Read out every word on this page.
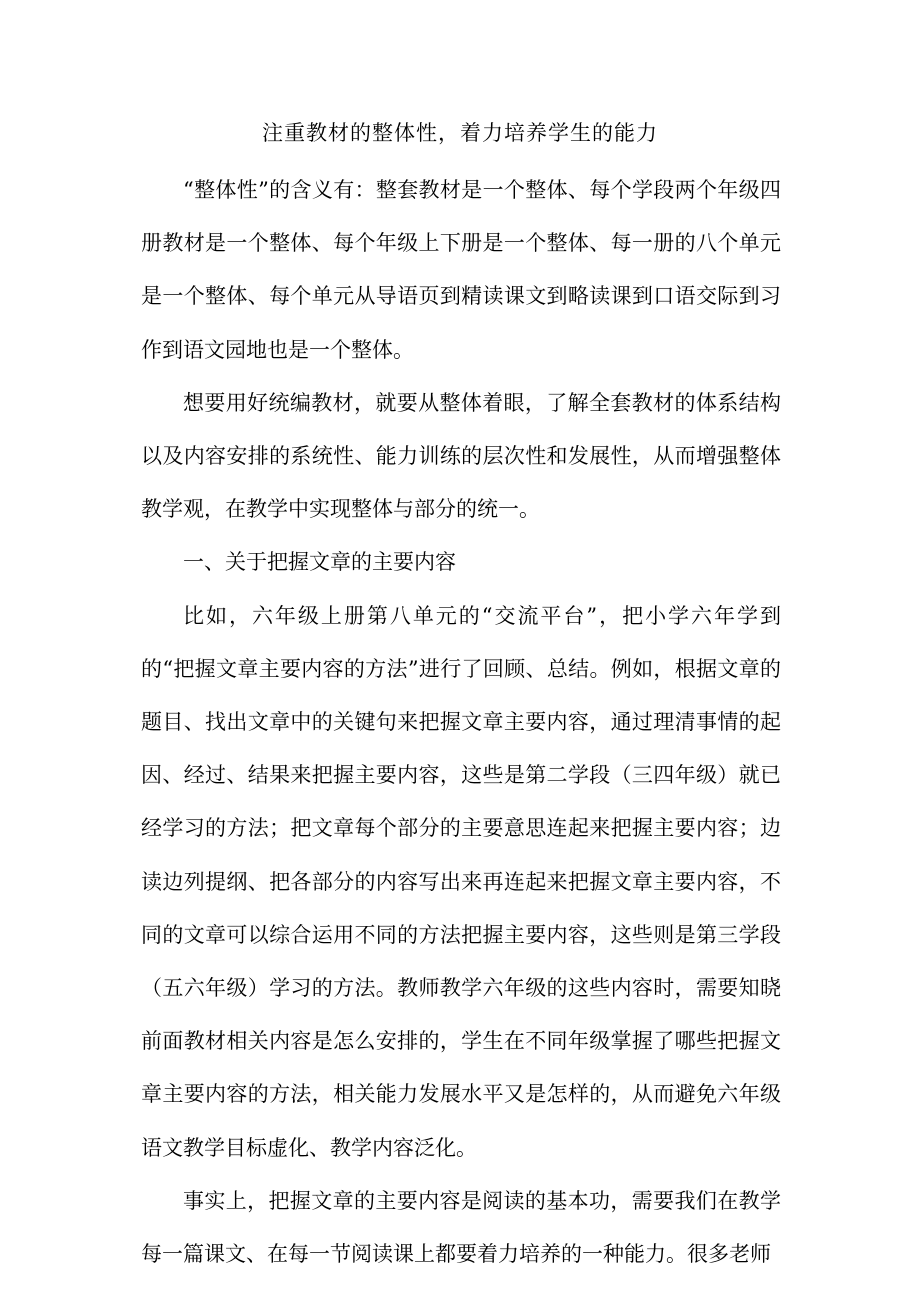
注重教材的整体性，着力培养学生的能力

“整体性”的含义有：整套教材是一个整体、每个学段两个年级四册教材是一个整体、每个年级上下册是一个整体、每一册的八个单元是一个整体、每个单元从导语页到精读课文到略读课到口语交际到习作到语文园地也是一个整体。

想要用好统编教材，就要从整体着眼，了解全套教材的体系结构以及内容安排的系统性、能力训练的层次性和发展性，从而增强整体教学观，在教学中实现整体与部分的统一。

一、关于把握文章的主要内容

比如，六年级上册第八单元的“交流平台”，把小学六年学到的“把握文章主要内容的方法”进行了回顾、总结。例如，根据文章的题目、找出文章中的关键句来把握文章主要内容，通过理清事情的起因、经过、结果来把握主要内容，这些是第二学段（三四年级）就已经学习的方法；把文章每个部分的主要意思连起来把握主要内容；边读边列提纲、把各部分的内容写出来再连起来把握文章主要内容，不同的文章可以综合运用不同的方法把握主要内容，这些则是第三学段（五六年级）学习的方法。教师教学六年级的这些内容时，需要知晓前面教材相关内容是怎么安排的，学生在不同年级掌握了哪些把握文章主要内容的方法，相关能力发展水平又是怎样的，从而避免六年级语文教学目标虚化、教学内容泛化。

事实上，把握文章的主要内容是阅读的基本功，需要我们在教学每一篇课文、在每一节阅读课上都要着力培养的一种能力。很多老师
